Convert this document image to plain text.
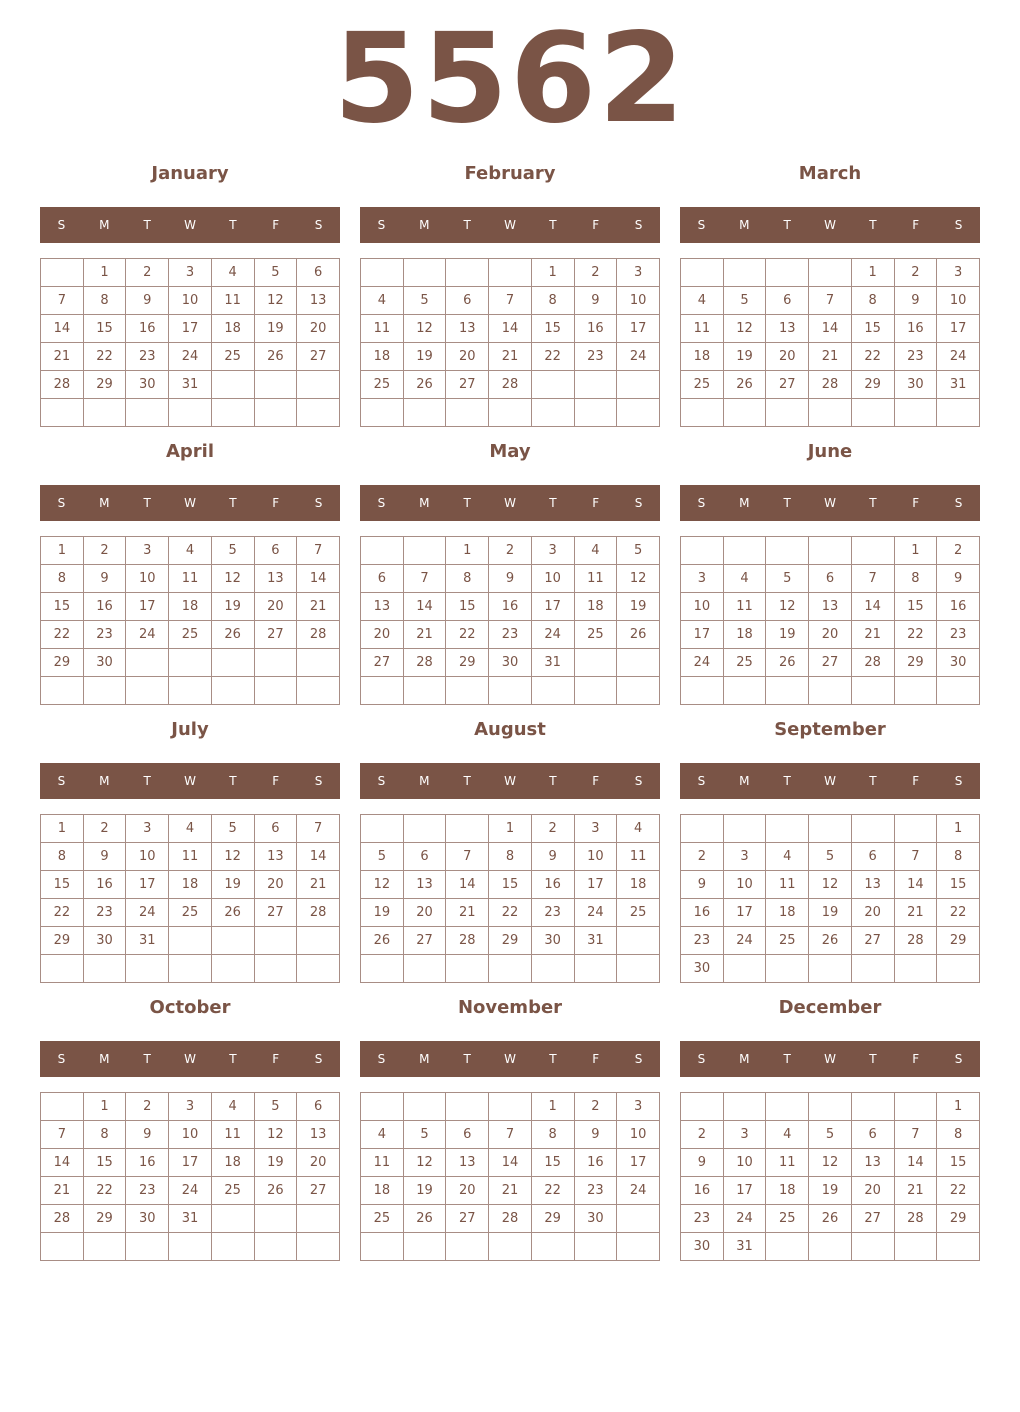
5562
January
S	M	T	W	T	F	S
	1	2	3	4	5	6
7	8	9	10	11	12	13
14	15	16	17	18	19	20
21	22	23	24	25	26	27
28	29	30	31			

February
S	M	T	W	T	F	S
				1	2	3
4	5	6	7	8	9	10
11	12	13	14	15	16	17
18	19	20	21	22	23	24
25	26	27	28			

March
S	M	T	W	T	F	S
				1	2	3
4	5	6	7	8	9	10
11	12	13	14	15	16	17
18	19	20	21	22	23	24
25	26	27	28	29	30	31

April
S	M	T	W	T	F	S
1	2	3	4	5	6	7
8	9	10	11	12	13	14
15	16	17	18	19	20	21
22	23	24	25	26	27	28
29	30					

May
S	M	T	W	T	F	S
		1	2	3	4	5
6	7	8	9	10	11	12
13	14	15	16	17	18	19
20	21	22	23	24	25	26
27	28	29	30	31		

June
S	M	T	W	T	F	S
					1	2
3	4	5	6	7	8	9
10	11	12	13	14	15	16
17	18	19	20	21	22	23
24	25	26	27	28	29	30

July
S	M	T	W	T	F	S
1	2	3	4	5	6	7
8	9	10	11	12	13	14
15	16	17	18	19	20	21
22	23	24	25	26	27	28
29	30	31				

August
S	M	T	W	T	F	S
			1	2	3	4
5	6	7	8	9	10	11
12	13	14	15	16	17	18
19	20	21	22	23	24	25
26	27	28	29	30	31	

September
S	M	T	W	T	F	S
						1
2	3	4	5	6	7	8
9	10	11	12	13	14	15
16	17	18	19	20	21	22
23	24	25	26	27	28	29
30						
October
S	M	T	W	T	F	S
	1	2	3	4	5	6
7	8	9	10	11	12	13
14	15	16	17	18	19	20
21	22	23	24	25	26	27
28	29	30	31			

November
S	M	T	W	T	F	S
				1	2	3
4	5	6	7	8	9	10
11	12	13	14	15	16	17
18	19	20	21	22	23	24
25	26	27	28	29	30	

December
S	M	T	W	T	F	S
						1
2	3	4	5	6	7	8
9	10	11	12	13	14	15
16	17	18	19	20	21	22
23	24	25	26	27	28	29
30	31					
